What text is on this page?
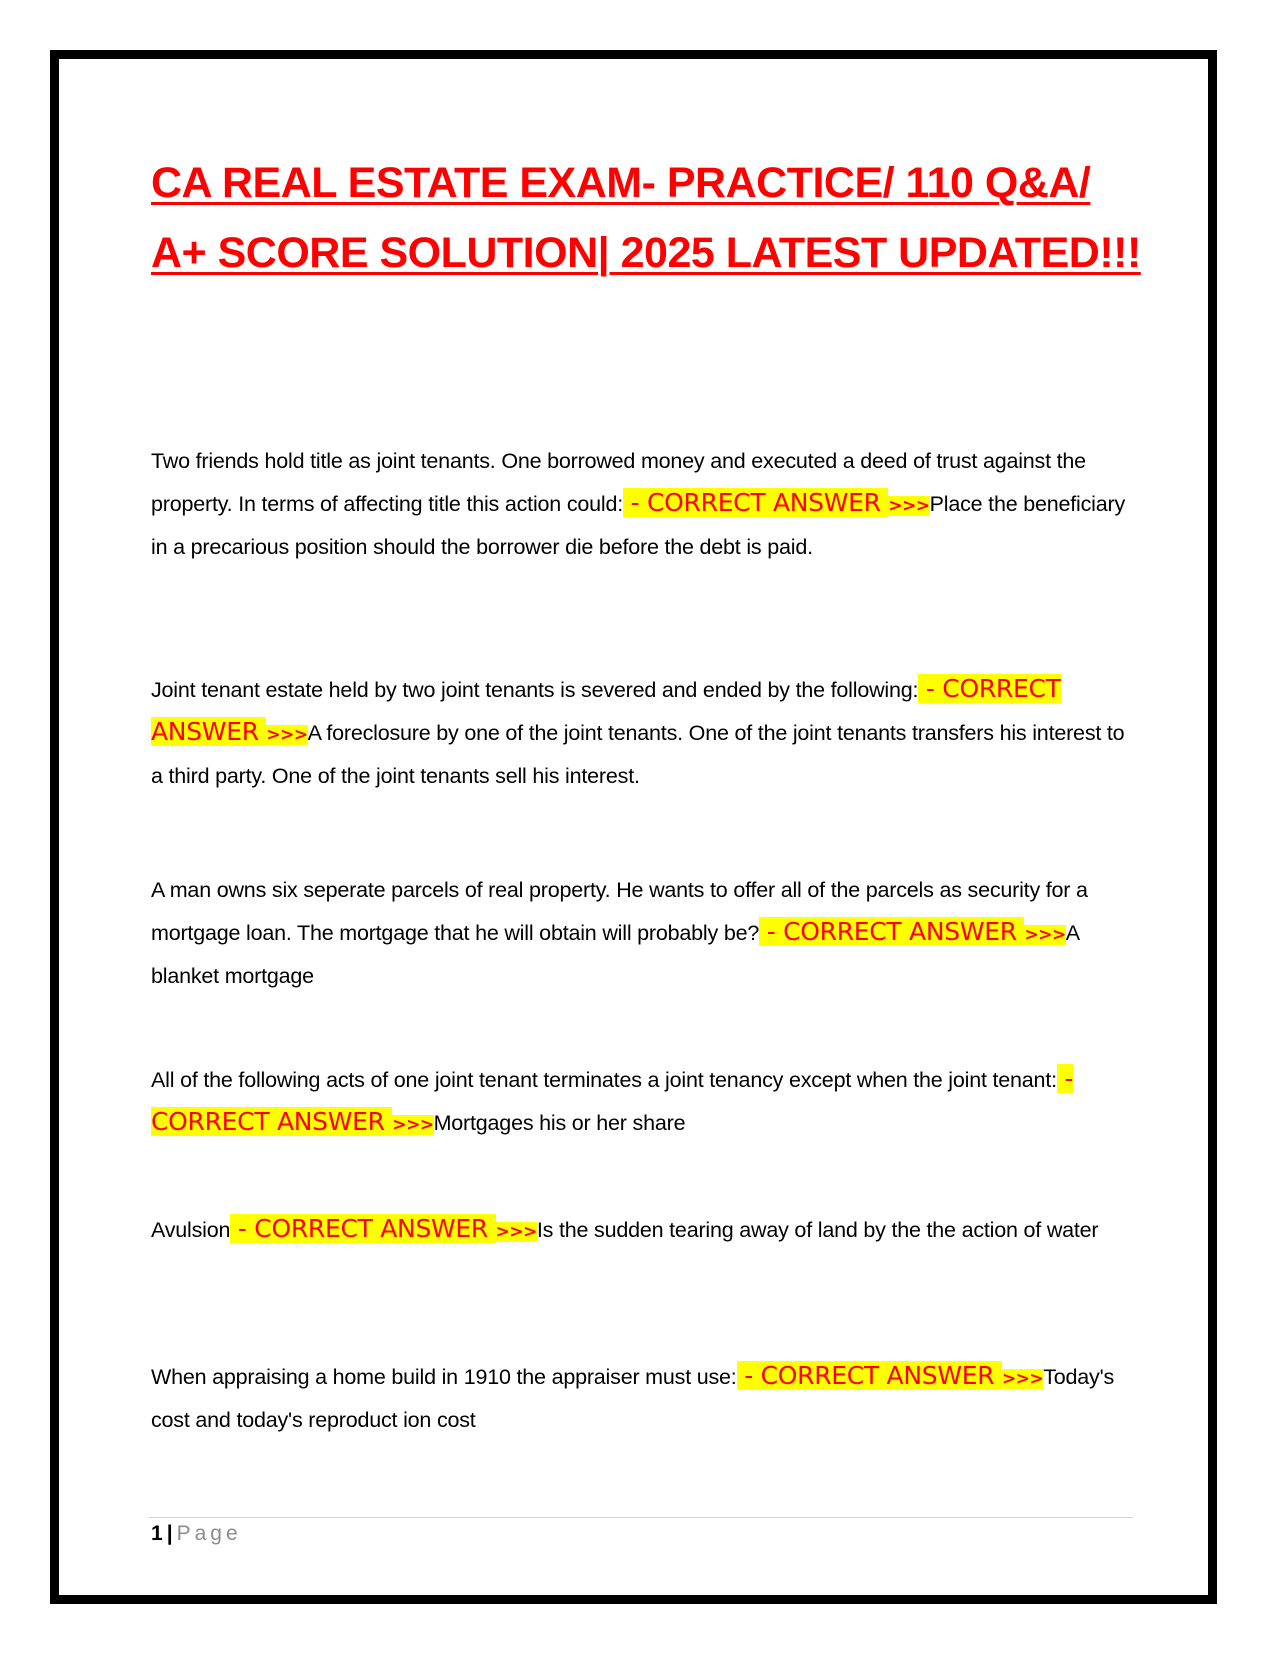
CA REAL ESTATE EXAM- PRACTICE/ 110 Q&A/ A+ SCORE SOLUTION| 2025 LATEST UPDATED!!!

Two friends hold title as joint tenants. One borrowed money and executed a deed of trust against the property. In terms of affecting title this action could: - CORRECT ANSWER >>>Place the beneficiary in a precarious position should the borrower die before the debt is paid.

Joint tenant estate held by two joint tenants is severed and ended by the following: - CORRECT ANSWER >>>A foreclosure by one of the joint tenants. One of the joint tenants transfers his interest to a third party. One of the joint tenants sell his interest.

A man owns six seperate parcels of real property. He wants to offer all of the parcels as security for a mortgage loan. The mortgage that he will obtain will probably be? - CORRECT ANSWER >>>A blanket mortgage

All of the following acts of one joint tenant terminates a joint tenancy except when the joint tenant: - CORRECT ANSWER >>>Mortgages his or her share

Avulsion - CORRECT ANSWER >>>Is the sudden tearing away of land by the the action of water

When appraising a home build in 1910 the appraiser must use: - CORRECT ANSWER >>>Today's cost and today's reproduct ion cost

1 | Page
